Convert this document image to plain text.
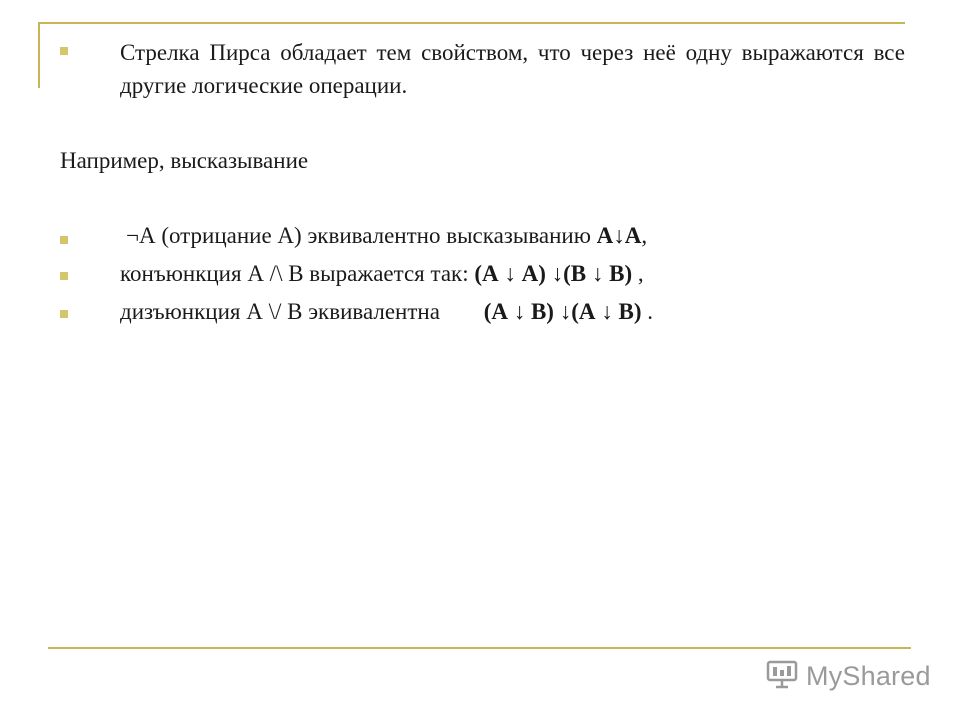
Стрелка Пирса обладает тем свойством, что через неё одну выражаются все другие логические операции.
Например, высказывание
¬А (отрицание А) эквивалентно высказыванию А↓А,
конъюнкция А /\ В выражается так: (А ↓ А) ↓(В ↓ В) ,
дизъюнкция А \/ В эквивалентна (А ↓ В) ↓(А ↓ В) .
MyShared
